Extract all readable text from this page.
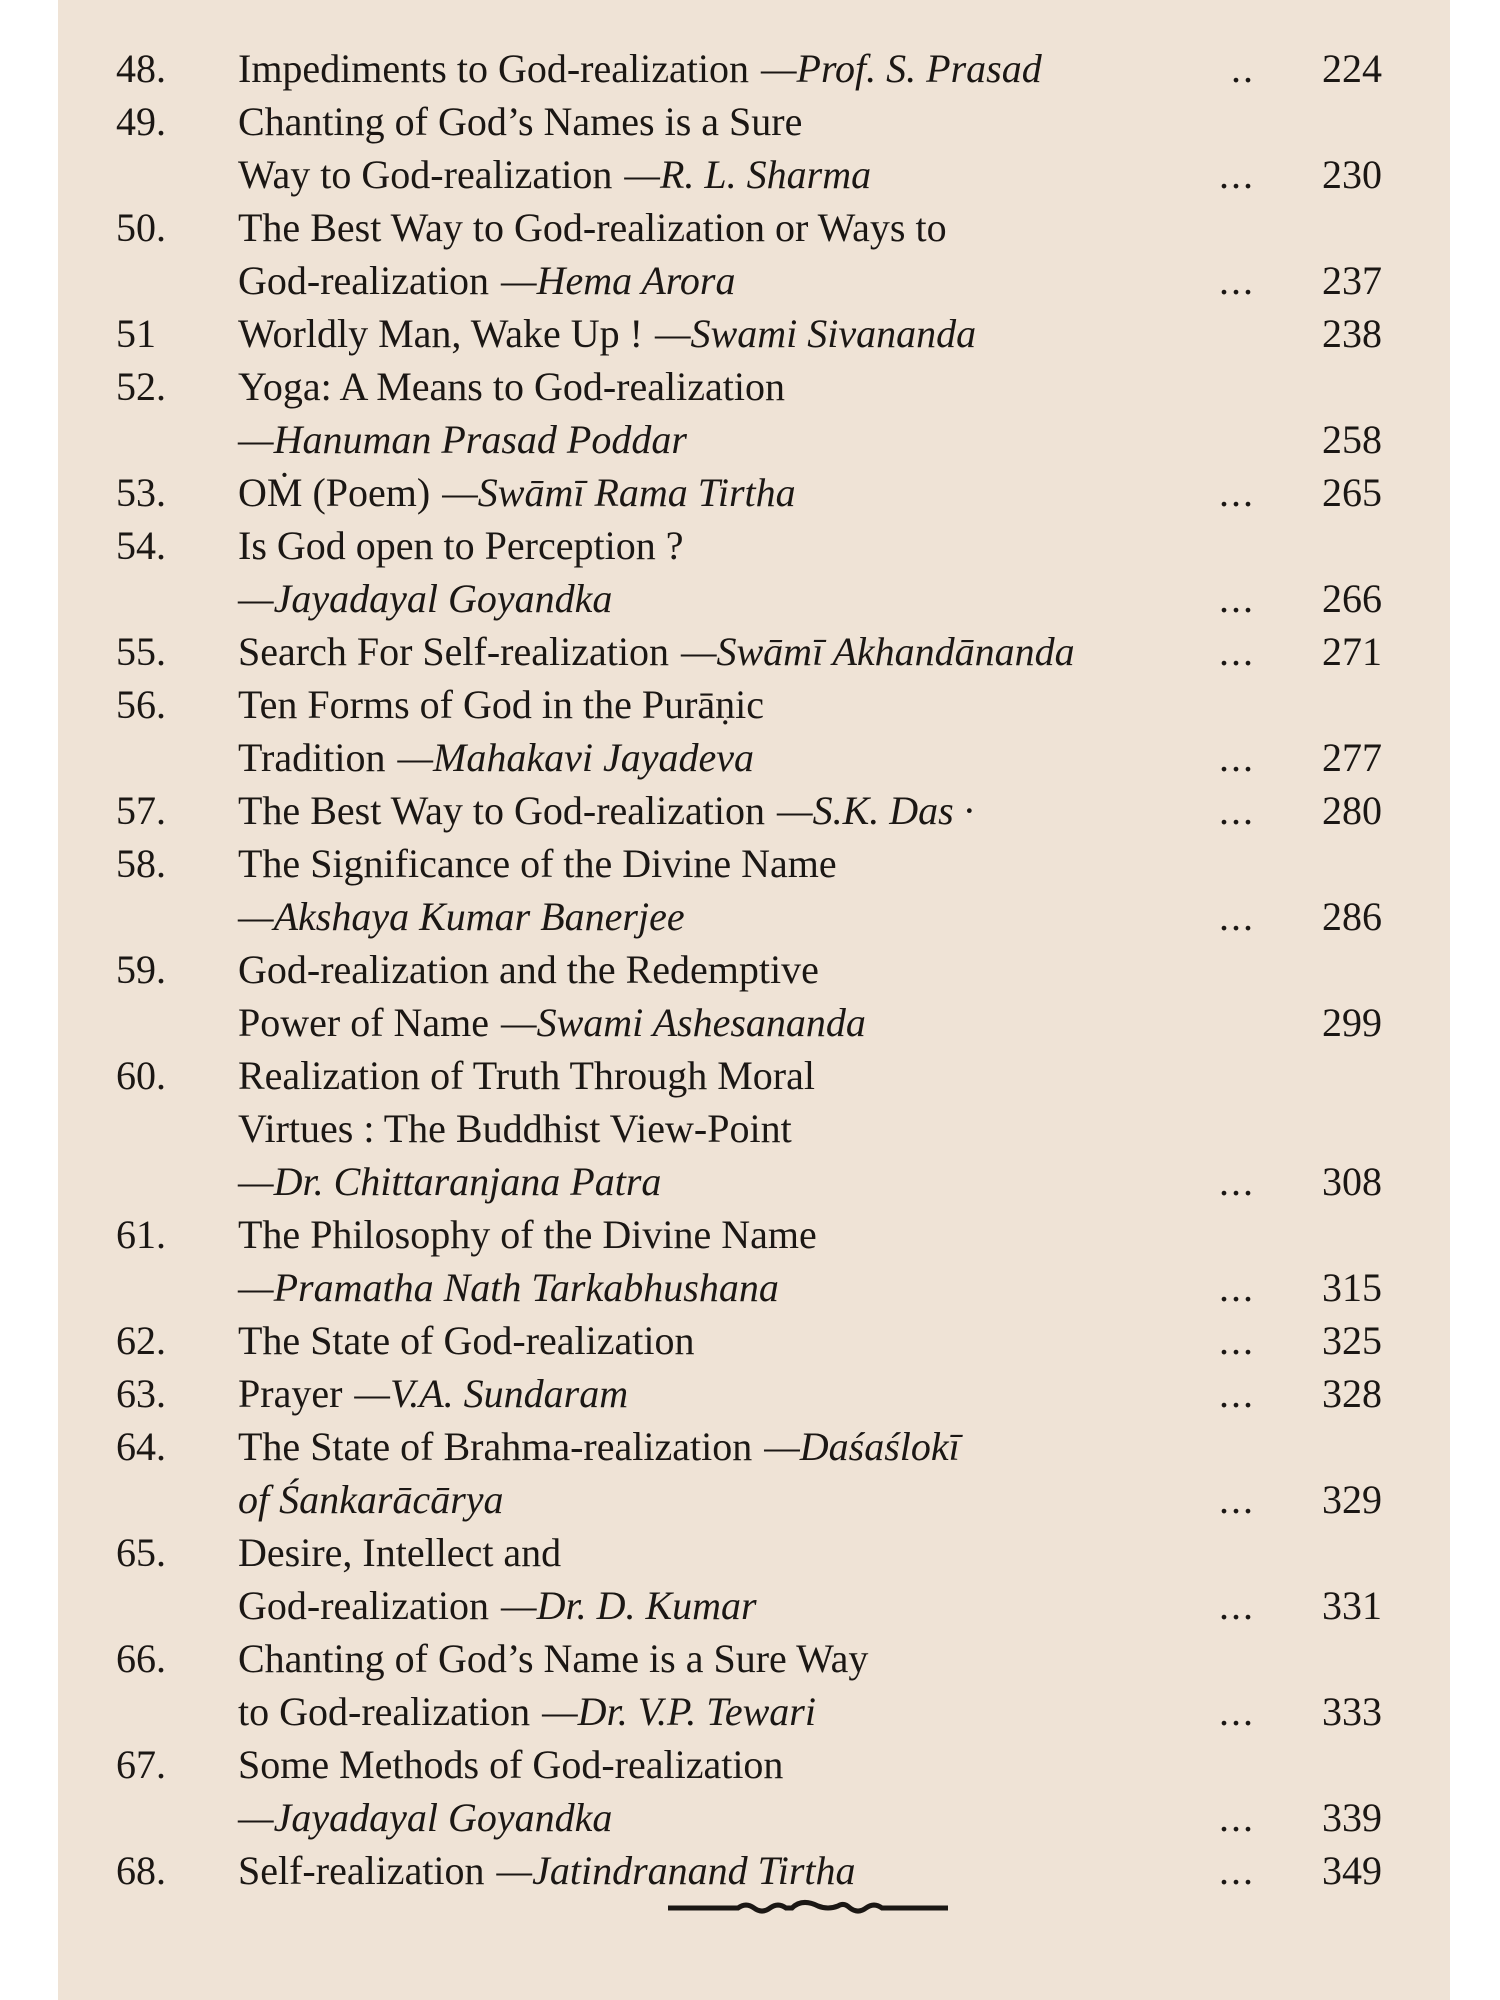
48. Impediments to God-realization —Prof. S. Prasad	.. 224
49. Chanting of God’s Names is a Sure
Way to God-realization —R. L. Sharma	... 230
50. The Best Way to God-realization or Ways to
God-realization —Hema Arora	... 237
51 Worldly Man, Wake Up ! —Swami Sivananda	238
52. Yoga: A Means to God-realization
—Hanuman Prasad Poddar	258
53. OṀ (Poem) —Swāmī Rama Tirtha	... 265
54. Is God open to Perception ?
—Jayadayal Goyandka	... 266
55. Search For Self-realization —Swāmī Akhandānanda	... 271
56. Ten Forms of God in the Purāṇic
Tradition —Mahakavi Jayadeva	... 277
57. The Best Way to God-realization —S.K. Das ·	... 280
58. The Significance of the Divine Name
—Akshaya Kumar Banerjee	... 286
59. God-realization and the Redemptive
Power of Name —Swami Ashesananda	299
60. Realization of Truth Through Moral
Virtues : The Buddhist View-Point
—Dr. Chittaranjana Patra	... 308
61. The Philosophy of the Divine Name
—Pramatha Nath Tarkabhushana	... 315
62. The State of God-realization	... 325
63. Prayer —V.A. Sundaram	... 328
64. The State of Brahma-realization —Daśaślokī
of Śankarācārya	... 329
65. Desire, Intellect and
God-realization —Dr. D. Kumar	... 331
66. Chanting of God’s Name is a Sure Way
to God-realization —Dr. V.P. Tewari	... 333
67. Some Methods of God-realization
—Jayadayal Goyandka	... 339
68. Self-realization —Jatindranand Tirtha	... 349
